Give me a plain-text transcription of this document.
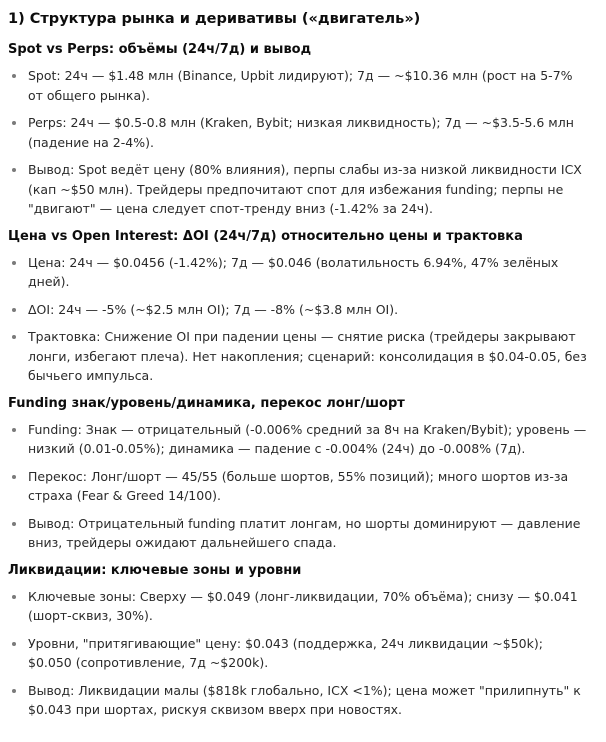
1) Структура рынка и деривативы («двигатель»)
Spot vs Perps: объёмы (24ч/7д) и вывод
Spot: 24ч — $1.48 млн (Binance, Upbit лидируют); 7д — ~$10.36 млн (рост на 5-7% от общего рынка).
Perps: 24ч — $0.5-0.8 млн (Kraken, Bybit; низкая ликвидность); 7д — ~$3.5-5.6 млн (падение на 2-4%).
Вывод: Spot ведёт цену (80% влияния), перпы слабы из-за низкой ликвидности ICX (кап ~$50 млн). Трейдеры предпочитают спот для избежания funding; перпы не "двигают" — цена следует спот-тренду вниз (-1.42% за 24ч).
Цена vs Open Interest: ΔOI (24ч/7д) относительно цены и трактовка
Цена: 24ч — $0.0456 (-1.42%); 7д — $0.046 (волатильность 6.94%, 47% зелёных дней).
ΔOI: 24ч — -5% (~$2.5 млн OI); 7д — -8% (~$3.8 млн OI).
Трактовка: Снижение OI при падении цены — снятие риска (трейдеры закрывают лонги, избегают плеча). Нет накопления; сценарий: консолидация в $0.04-0.05, без бычьего импульса.
Funding знак/уровень/динамика, перекос лонг/шорт
Funding: Знак — отрицательный (-0.006% средний за 8ч на Kraken/Bybit); уровень — низкий (0.01-0.05%); динамика — падение с -0.004% (24ч) до -0.008% (7д).
Перекос: Лонг/шорт — 45/55 (больше шортов, 55% позиций); много шортов из-за страха (Fear & Greed 14/100).
Вывод: Отрицательный funding платит лонгам, но шорты доминируют — давление вниз, трейдеры ожидают дальнейшего спада.
Ликвидации: ключевые зоны и уровни
Ключевые зоны: Сверху — $0.049 (лонг-ликвидации, 70% объёма); снизу — $0.041 (шорт-сквиз, 30%).
Уровни, "притягивающие" цену: $0.043 (поддержка, 24ч ликвидации ~$50k); $0.050 (сопротивление, 7д ~$200k).
Вывод: Ликвидации малы ($818k глобально, ICX <1%); цена может "прилипнуть" к $0.043 при шортах, рискуя сквизом вверх при новостях.
